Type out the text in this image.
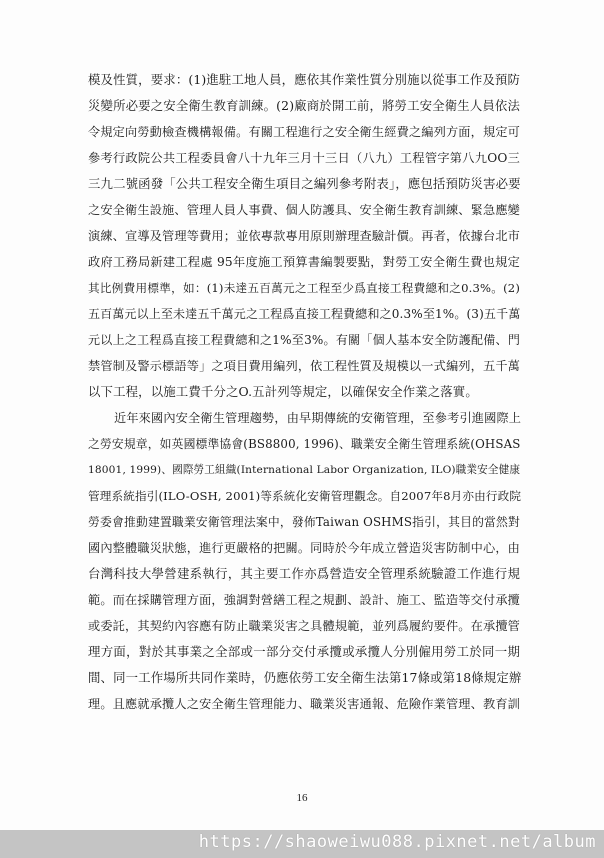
模及性質，要求：(1)進駐工地人員，應依其作業性質分別施以從事工作及預防
災變所必要之安全衛生教育訓練。(2)廠商於開工前，將勞工安全衛生人員依法
令規定向勞動檢查機構報備。有關工程進行之安全衛生經費之編列方面，規定可
參考行政院公共工程委員會八十九年三月十三日（八九）工程管字第八九OO三
三九二號函發「公共工程安全衛生項目之編列參考附表」，應包括預防災害必要
之安全衛生設施、管理人員人事費、個人防護具、安全衛生教育訓練、緊急應變
演練、宣導及管理等費用；並依專款專用原則辦理查驗計價。再者，依據台北市
政府工務局新建工程處 95年度施工預算書編製要點，對勞工安全衛生費也規定
其比例費用標準，如：(1)未達五百萬元之工程至少爲直接工程費總和之0.3%。(2)
五百萬元以上至未達五千萬元之工程爲直接工程費總和之0.3%至1%。(3)五千萬
元以上之工程爲直接工程費總和之1%至3%。有關「個人基本安全防護配備、門
禁管制及警示標語等」之項目費用編列，依工程性質及規模以一式編列，五千萬
以下工程，以施工費千分之O.五計列等規定，以確保安全作業之落實。
近年來國內安全衛生管理趨勢，由早期傳統的安衛管理，至參考引進國際上
之勞安規章，如英國標準協會(BS8800, 1996)、職業安全衛生管理系統(OHSAS
18001, 1999)、國際勞工組織(International Labor Organization, ILO)職業安全健康
管理系統指引(ILO-OSH, 2001)等系統化安衛管理觀念。自2007年8月亦由行政院
勞委會推動建置職業安衛管理法案中，發佈Taiwan OSHMS指引，其目的當然對
國內整體職災狀態，進行更嚴格的把關。同時於今年成立營造災害防制中心，由
台灣科技大學營建系執行，其主要工作亦爲營造安全管理系統驗證工作進行規
範。而在採購管理方面，強調對營繕工程之規劃、設計、施工、監造等交付承攬
或委託，其契約內容應有防止職業災害之具體規範，並列爲履約要件。在承攬管
理方面，對於其事業之全部或一部分交付承攬或承攬人分別僱用勞工於同一期
間、同一工作場所共同作業時，仍應依勞工安全衛生法第17條或第18條規定辦
理。且應就承攬人之安全衛生管理能力、職業災害通報、危險作業管理、教育訓
16
https://shaoweiwu088.pixnet.net/album
